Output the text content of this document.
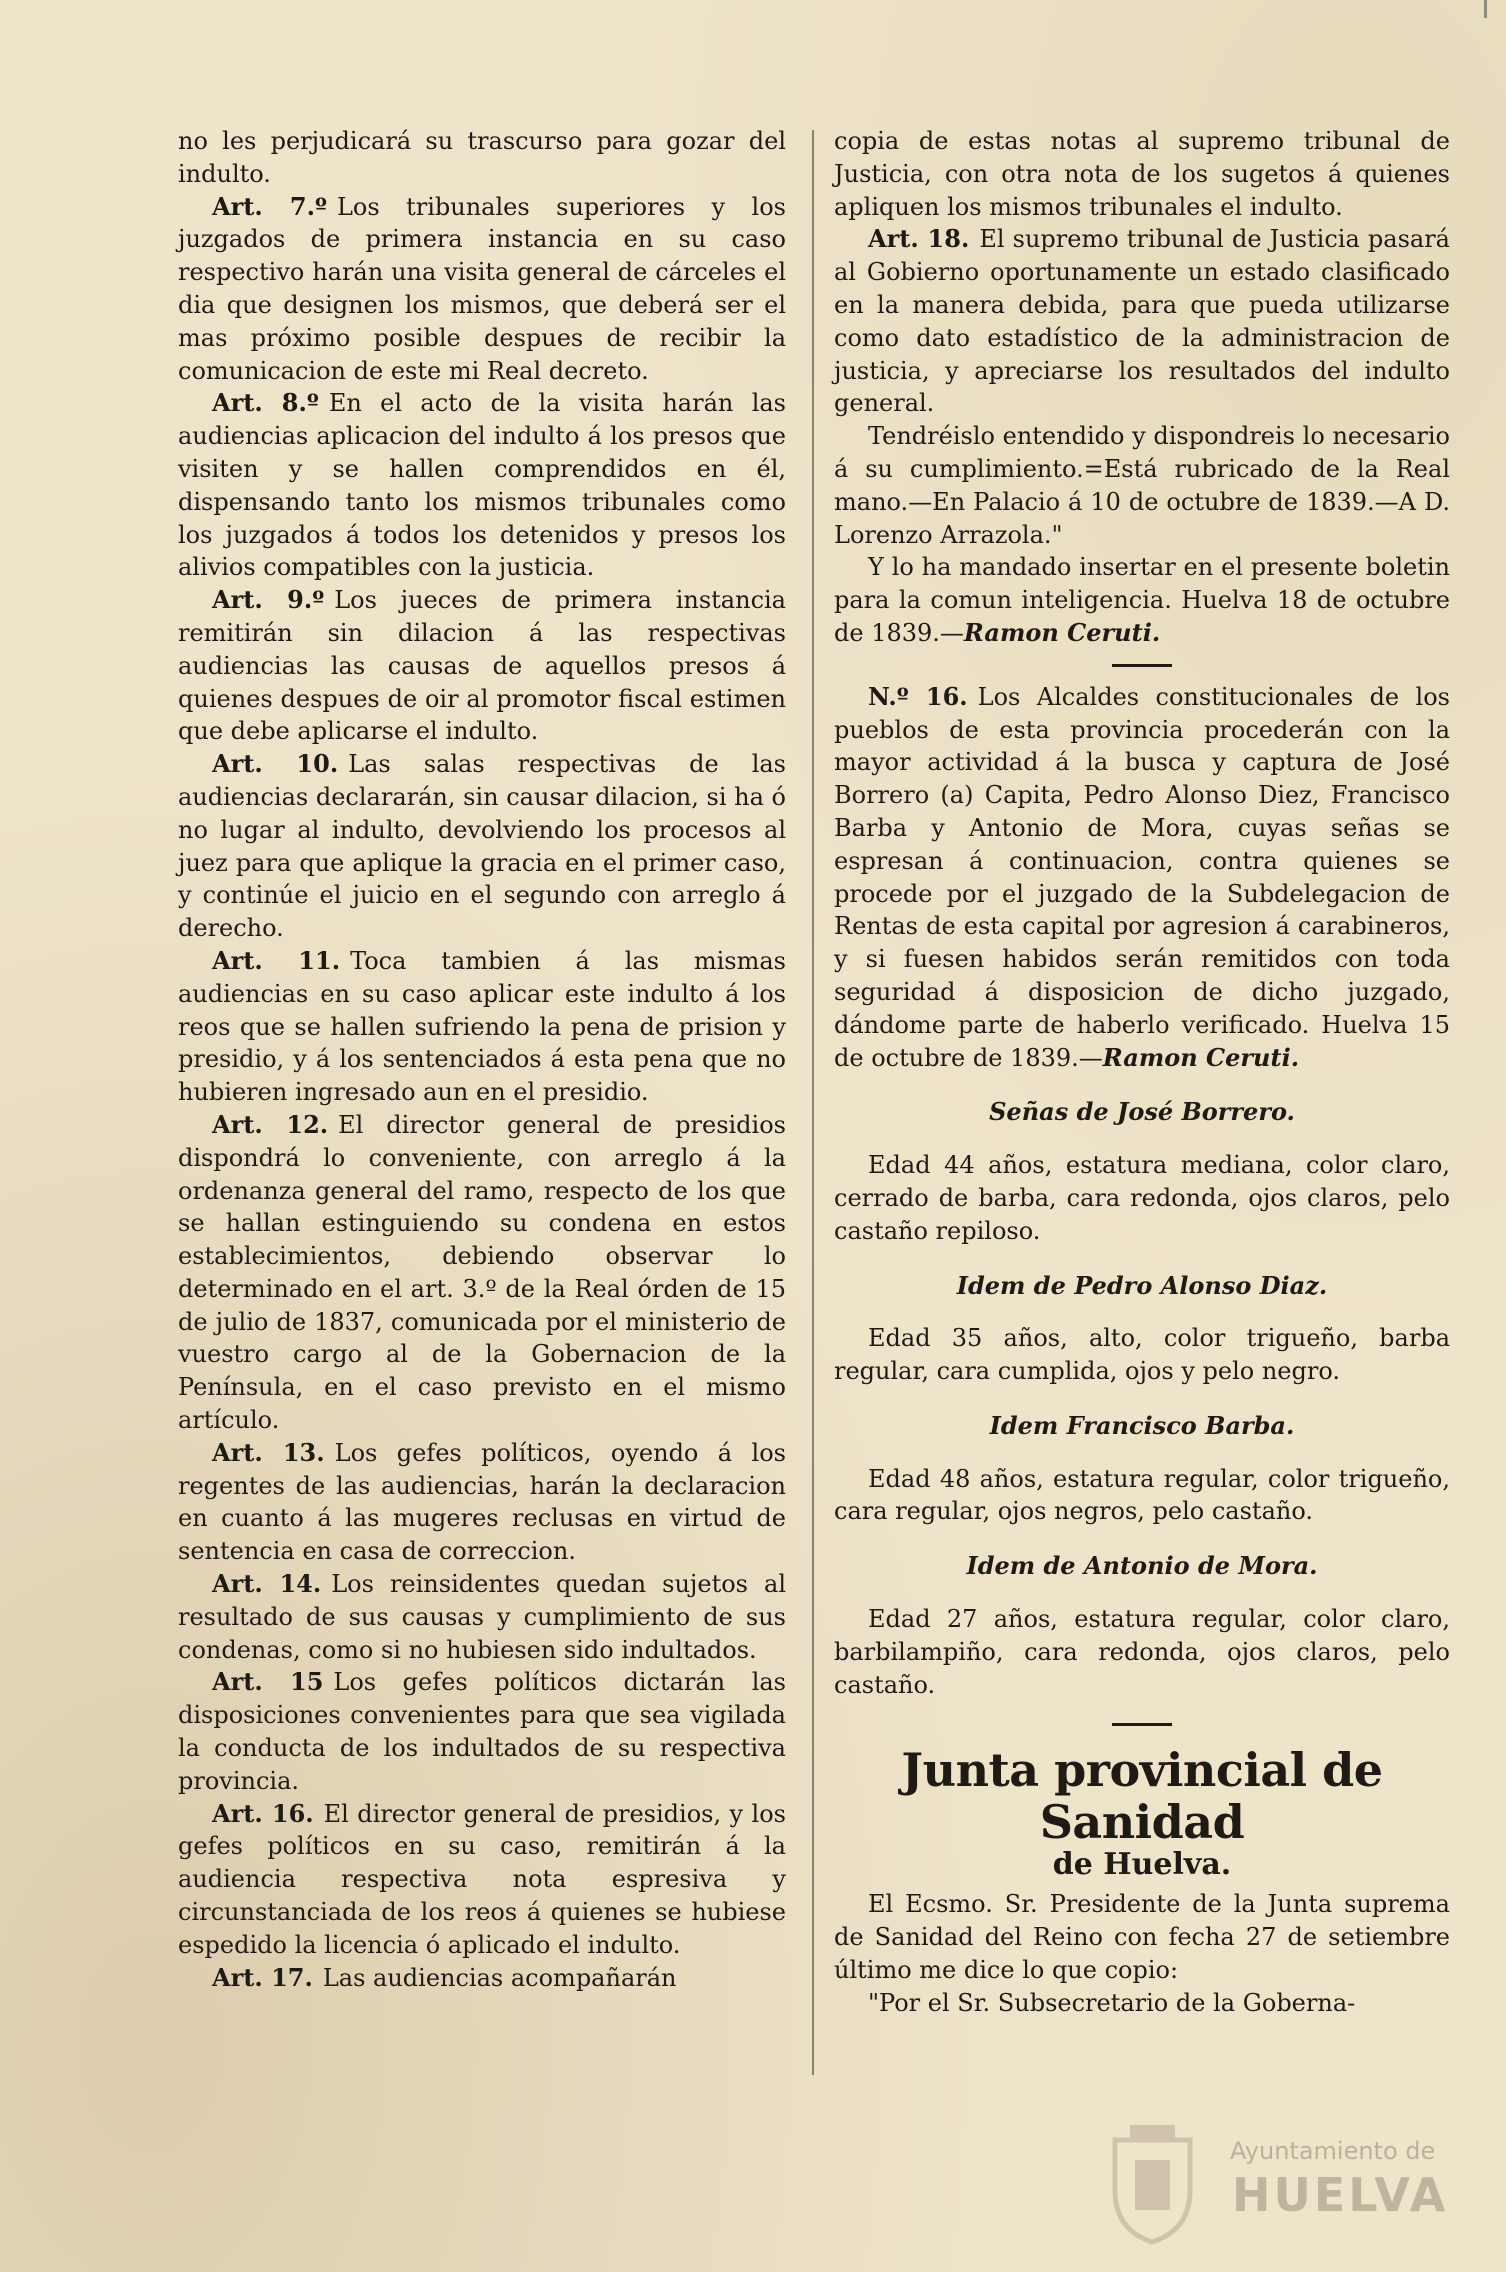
no les perjudicará su trascurso para gozar del indulto.

Art. 7.º Los tribunales superiores y los juzgados de primera instancia en su caso respectivo harán una visita general de cárceles el dia que designen los mismos, que deberá ser el mas próximo posible despues de recibir la comunicacion de este mi Real decreto.

Art. 8.º En el acto de la visita harán las audiencias aplicacion del indulto á los presos que visiten y se hallen comprendidos en él, dispensando tanto los mismos tribunales como los juzgados á todos los detenidos y presos los alivios compatibles con la justicia.

Art. 9.º Los jueces de primera instancia remitirán sin dilacion á las respectivas audiencias las causas de aquellos presos á quienes despues de oir al promotor fiscal estimen que debe aplicarse el indulto.

Art. 10. Las salas respectivas de las audiencias declararán, sin causar dilacion, si ha ó no lugar al indulto, devolviendo los procesos al juez para que aplique la gracia en el primer caso, y continúe el juicio en el segundo con arreglo á derecho.

Art. 11. Toca tambien á las mismas audiencias en su caso aplicar este indulto á los reos que se hallen sufriendo la pena de prision y presidio, y á los sentenciados á esta pena que no hubieren ingresado aun en el presidio.

Art. 12. El director general de presidios dispondrá lo conveniente, con arreglo á la ordenanza general del ramo, respecto de los que se hallan estinguiendo su condena en estos establecimientos, debiendo observar lo determinado en el art. 3.º de la Real órden de 15 de julio de 1837, comunicada por el ministerio de vuestro cargo al de la Gobernacion de la Península, en el caso previsto en el mismo artículo.

Art. 13. Los gefes políticos, oyendo á los regentes de las audiencias, harán la declaracion en cuanto á las mugeres reclusas en virtud de sentencia en casa de correccion.

Art. 14. Los reinsidentes quedan sujetos al resultado de sus causas y cumplimiento de sus condenas, como si no hubiesen sido indultados.

Art. 15 Los gefes políticos dictarán las disposiciones convenientes para que sea vigilada la conducta de los indultados de su respectiva provincia.

Art. 16. El director general de presidios, y los gefes políticos en su caso, remitirán á la audiencia respectiva nota espresiva y circunstanciada de los reos á quienes se hubiese espedido la licencia ó aplicado el indulto.

Art. 17. Las audiencias acompañarán

copia de estas notas al supremo tribunal de Justicia, con otra nota de los sugetos á quienes apliquen los mismos tribunales el indulto.

Art. 18. El supremo tribunal de Justicia pasará al Gobierno oportunamente un estado clasificado en la manera debida, para que pueda utilizarse como dato estadístico de la administracion de justicia, y apreciarse los resultados del indulto general.

Tendréislo entendido y dispondreis lo necesario á su cumplimiento.=Está rubricado de la Real mano.—En Palacio á 10 de octubre de 1839.—A D. Lorenzo Arrazola."

Y lo ha mandado insertar en el presente boletin para la comun inteligencia. Huelva 18 de octubre de 1839.—Ramon Ceruti.

N.º 16. Los Alcaldes constitucionales de los pueblos de esta provincia procederán con la mayor actividad á la busca y captura de José Borrero (a) Capita, Pedro Alonso Diez, Francisco Barba y Antonio de Mora, cuyas señas se espresan á continuacion, contra quienes se procede por el juzgado de la Subdelegacion de Rentas de esta capital por agresion á carabineros, y si fuesen habidos serán remitidos con toda seguridad á disposicion de dicho juzgado, dándome parte de haberlo verificado. Huelva 15 de octubre de 1839.—Ramon Ceruti.

Señas de José Borrero.

Edad 44 años, estatura mediana, color claro, cerrado de barba, cara redonda, ojos claros, pelo castaño repiloso.

Idem de Pedro Alonso Diaz.

Edad 35 años, alto, color trigueño, barba regular, cara cumplida, ojos y pelo negro.

Idem Francisco Barba.

Edad 48 años, estatura regular, color trigueño, cara regular, ojos negros, pelo castaño.

Idem de Antonio de Mora.

Edad 27 años, estatura regular, color claro, barbilampiño, cara redonda, ojos claros, pelo castaño.

Junta provincial de Sanidad
de Huelva.

El Ecsmo. Sr. Presidente de la Junta suprema de Sanidad del Reino con fecha 27 de setiembre último me dice lo que copio:

"Por el Sr. Subsecretario de la Goberna-

Ayuntamiento de
HUELVA
